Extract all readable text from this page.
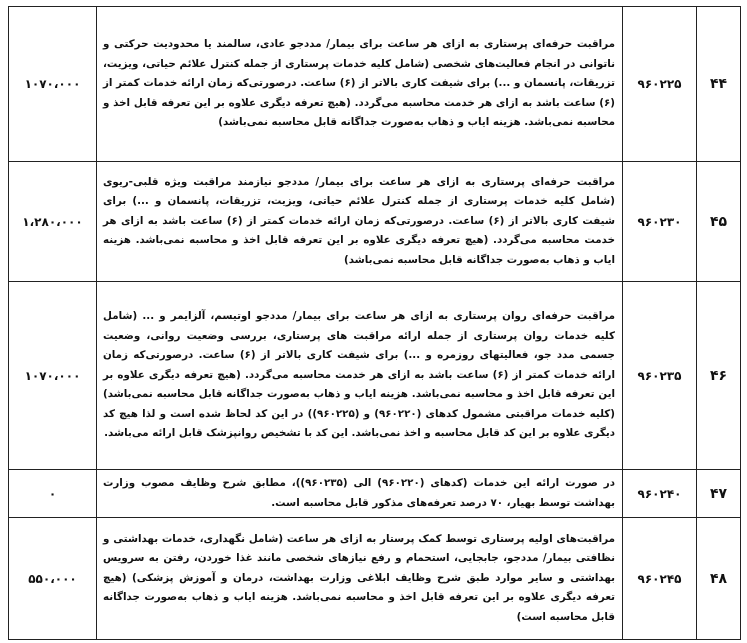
۴۴	۹۶۰۲۲۵	مراقبت حرفه‌ای پرستاری به ازای هر ساعت برای بیمار/ مددجو عادی، سالمند یا محدودیت حرکتی و ناتوانی در انجام فعالیت‌های شخصی (شامل کلیه خدمات پرستاری از جمله کنترل علائم حیاتی، ویزیت، تزریقات، پانسمان و ...) برای شیفت کاری بالاتر از (۶) ساعت. درصورتی‌که زمان ارائه خدمات کمتر از (۶) ساعت باشد به ازای هر خدمت محاسبه می‌گردد. (هیچ تعرفه دیگری علاوه بر این تعرفه قابل اخذ و محاسبه نمی‌باشد. هزینه ایاب و ذهاب به‌صورت جداگانه قابل محاسبه نمی‌باشد)	۱۰۷۰،۰۰۰
۴۵	۹۶۰۲۳۰	مراقبت حرفه‌ای پرستاری به ازای هر ساعت برای بیمار/ مددجو نیازمند مراقبت ویژه قلبی-ریوی (شامل کلیه خدمات پرستاری از جمله کنترل علائم حیاتی، ویزیت، تزریقات، پانسمان و ...) برای شیفت کاری بالاتر از (۶) ساعت. درصورتی‌که زمان ارائه خدمات کمتر از (۶) ساعت باشد به ازای هر خدمت محاسبه می‌گردد. (هیچ تعرفه دیگری علاوه بر این تعرفه قابل اخذ و محاسبه نمی‌باشد. هزینه ایاب و ذهاب به‌صورت جداگانه قابل محاسبه نمی‌باشد)	۱،۲۸۰،۰۰۰
۴۶	۹۶۰۲۳۵	مراقبت حرفه‌ای روان پرستاری به ازای هر ساعت برای بیمار/ مددجو اوتیسم، آلزایمر و ... (شامل کلیه خدمات روان پرستاری از جمله ارائه مراقبت های پرستاری، بررسی وضعیت روانی، وضعیت جسمی مدد جو، فعالیتهای روزمره و ...) برای شیفت کاری بالاتر از (۶) ساعت. درصورتی‌که زمان ارائه خدمات کمتر از (۶) ساعت باشد به ازای هر خدمت محاسبه می‌گردد. (هیچ تعرفه دیگری علاوه بر این تعرفه قابل اخذ و محاسبه نمی‌باشد. هزینه ایاب و ذهاب به‌صورت جداگانه قابل محاسبه نمی‌باشد) (کلیه خدمات مراقبتی مشمول کدهای (۹۶۰۲۲۰) و (۹۶۰۲۲۵)) در این کد لحاظ شده است و لذا هیچ کد دیگری علاوه بر این کد قابل محاسبه و اخذ نمی‌باشد. این کد با تشخیص روانپزشک قابل ارائه می‌باشد.	۱۰۷۰،۰۰۰
۴۷	۹۶۰۲۴۰	در صورت ارائه این خدمات (کدهای (۹۶۰۲۲۰) الی (۹۶۰۲۳۵))، مطابق شرح وظایف مصوب وزارت بهداشت توسط بهیار، ۷۰ درصد تعرفه‌های مذکور قابل محاسبه است.	۰
۴۸	۹۶۰۲۴۵	مراقبت‌های اولیه پرستاری توسط کمک پرستار به ازای هر ساعت (شامل نگهداری، خدمات بهداشتی و نظافتی بیمار/ مددجو، جابجایی، استحمام و رفع نیازهای شخصی مانند غذا خوردن، رفتن به سرویس بهداشتی و سایر موارد طبق شرح وظایف ابلاغی وزارت بهداشت، درمان و آموزش پزشکی) (هیچ تعرفه دیگری علاوه بر این تعرفه قابل اخذ و محاسبه نمی‌باشد. هزینه ایاب و ذهاب به‌صورت جداگانه قابل محاسبه است)	۵۵۰،۰۰۰
